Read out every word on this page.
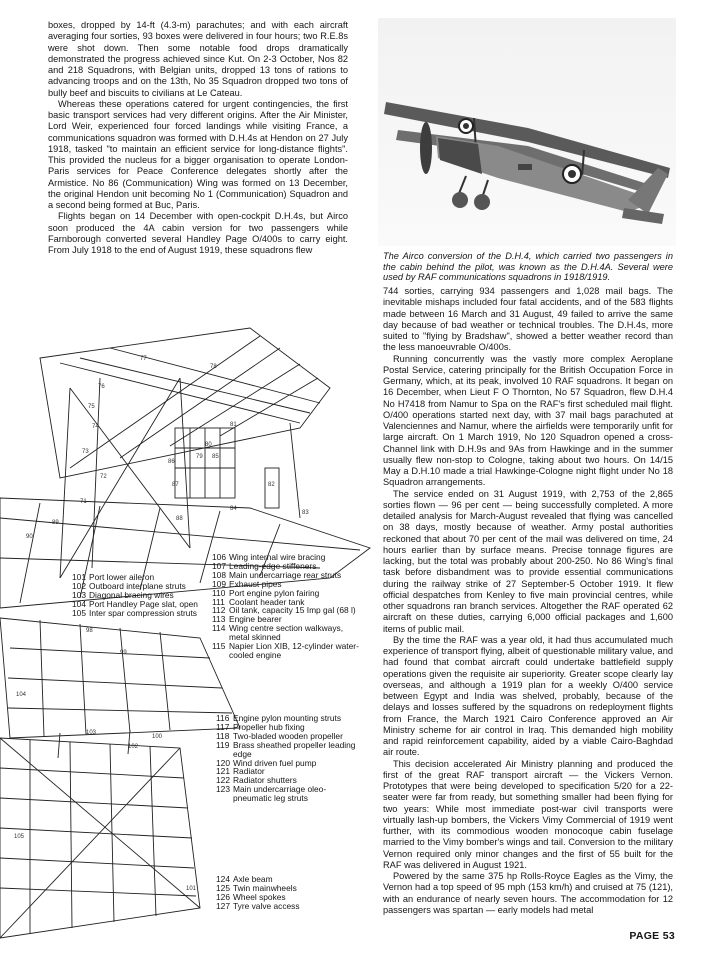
boxes, dropped by 14-ft (4.3-m) parachutes; and with each aircraft averaging four sorties, 93 boxes were delivered in four hours; two R.E.8s were shot down. Then some notable food drops dramatically demonstrated the progress achieved since Kut. On 2-3 October, Nos 82 and 218 Squadrons, with Belgian units, dropped 13 tons of rations to advancing troops and on the 13th, No 35 Squadron dropped two tons of bully beef and biscuits to civilians at Le Cateau.

Whereas these operations catered for urgent contingencies, the first basic transport services had very different origins. After the Air Minister, Lord Weir, experienced four forced landings while visiting France, a communications squadron was formed with D.H.4s at Hendon on 27 July 1918, tasked "to maintain an efficient service for long-distance flights". This provided the nucleus for a bigger organisation to operate London-Paris services for Peace Conference delegates shortly after the Armistice. No 86 (Communication) Wing was formed on 13 December, the original Hendon unit becoming No 1 (Communication) Squadron and a second being formed at Buc, Paris.

Flights began on 14 December with open-cockpit D.H.4s, but Airco soon produced the 4A cabin version for two passengers while Farnborough converted several Handley Page O/400s to carry eight. From July 1918 to the end of August 1919, these squadrons flew

The Airco conversion of the D.H.4, which carried two passengers in the cabin behind the pilot, was known as the D.H.4A. Several were used by RAF communications squadrons in 1918/1919.

744 sorties, carrying 934 passengers and 1,028 mail bags. The inevitable mishaps included four fatal accidents, and of the 583 flights made between 16 March and 31 August, 49 failed to arrive the same day because of bad weather or technical troubles. The D.H.4s, more suited to "flying by Bradshaw", showed a better weather record than the less manoeuvrable O/400s.

Running concurrently was the vastly more complex Aeroplane Postal Service, catering principally for the British Occupation Force in Germany, which, at its peak, involved 10 RAF squadrons. It began on 16 December, when Lieut F O Thornton, No 57 Squadron, flew D.H.4 No H7418 from Namur to Spa on the RAF's first scheduled mail flight. O/400 operations started next day, with 37 mail bags parachuted at Valenciennes and Namur, where the airfields were temporarily unfit for large aircraft. On 1 March 1919, No 120 Squadron opened a cross-Channel link with D.H.9s and 9As from Hawkinge and in the summer usually flew non-stop to Cologne, taking about two hours. On 14/15 May a D.H.10 made a trial Hawkinge-Cologne night flight under No 18 Squadron arrangements.

The service ended on 31 August 1919, with 2,753 of the 2,865 sorties flown — 96 per cent — being successfully completed. A more detailed analysis for March-August revealed that flying was cancelled on 38 days, mostly because of weather. Army postal authorities reckoned that about 70 per cent of the mail was delivered on time, 24 hours earlier than by surface means. Precise tonnage figures are lacking, but the total was probably about 200-250. No 86 Wing's final task before disbandment was to provide essential communications during the railway strike of 27 September-5 October 1919. It flew official despatches from Kenley to five main provincial centres, while other squadrons ran branch services. Altogether the RAF operated 62 aircraft on these duties, carrying 6,000 official packages and 1,600 items of public mail.

By the time the RAF was a year old, it had thus accumulated much experience of transport flying, albeit of questionable military value, and had found that combat aircraft could undertake battlefield supply operations given the requisite air superiority. Greater scope clearly lay overseas, and although a 1919 plan for a weekly O/400 service between Egypt and India was shelved, probably, because of the delays and losses suffered by the squadrons on redeployment flights from France, the March 1921 Cairo Conference approved an Air Ministry scheme for air control in Iraq. This demanded high mobility and rapid reinforcement capability, aided by a viable Cairo-Baghdad air route.

This decision accelerated Air Ministry planning and produced the first of the great RAF transport aircraft — the Vickers Vernon. Prototypes that were being developed to specification 5/20 for a 22-seater were far from ready, but something smaller had been flying for two years: While most immediate post-war civil transports were virtually lash-up bombers, the Vickers Vimy Commercial of 1919 went further, with its commodious wooden monocoque cabin fuselage married to the Vimy bomber's wings and tail. Conversion to the military Vernon required only minor changes and the first of 55 built for the RAF was delivered in August 1921.

Powered by the same 375 hp Rolls-Royce Eagles as the Vimy, the Vernon had a top speed of 95 mph (153 km/h) and cruised at 75 (121), with an endurance of nearly seven hours. The accommodation for 12 passengers was spartan — early models had metal

77
78
76
75
74
73
81
72
80
79
71
85
86
87	82
84
83
88
89
90
98
99
100
101
102
103
104
105
101 Port lower aileron
102 Outboard interplane struts
103 Diagonal bracing wires
104 Port Handley Page slat, open
105 Inter spar compression struts
106 Wing internal wire bracing
107 Leading-edge stiffeners
108 Main undercarriage rear struts
109 Exhaust pipes
110 Port engine pylon fairing
111 Coolant header tank
112 Oil tank, capacity 15 Imp gal (68 l)
113 Engine bearer
114 Wing centre section walkways, metal skinned
115 Napier Lion XIB, 12-cylinder water-cooled engine
116 Engine pylon mounting struts
117 Propeller hub fixing
118 Two-bladed wooden propeller
119 Brass sheathed propeller leading edge
120 Wind driven fuel pump
121 Radiator
122 Radiator shutters
123 Main undercarriage oleo-pneumatic leg struts
124 Axle beam
125 Twin mainwheels
126 Wheel spokes
127 Tyre valve access
PAGE 53
